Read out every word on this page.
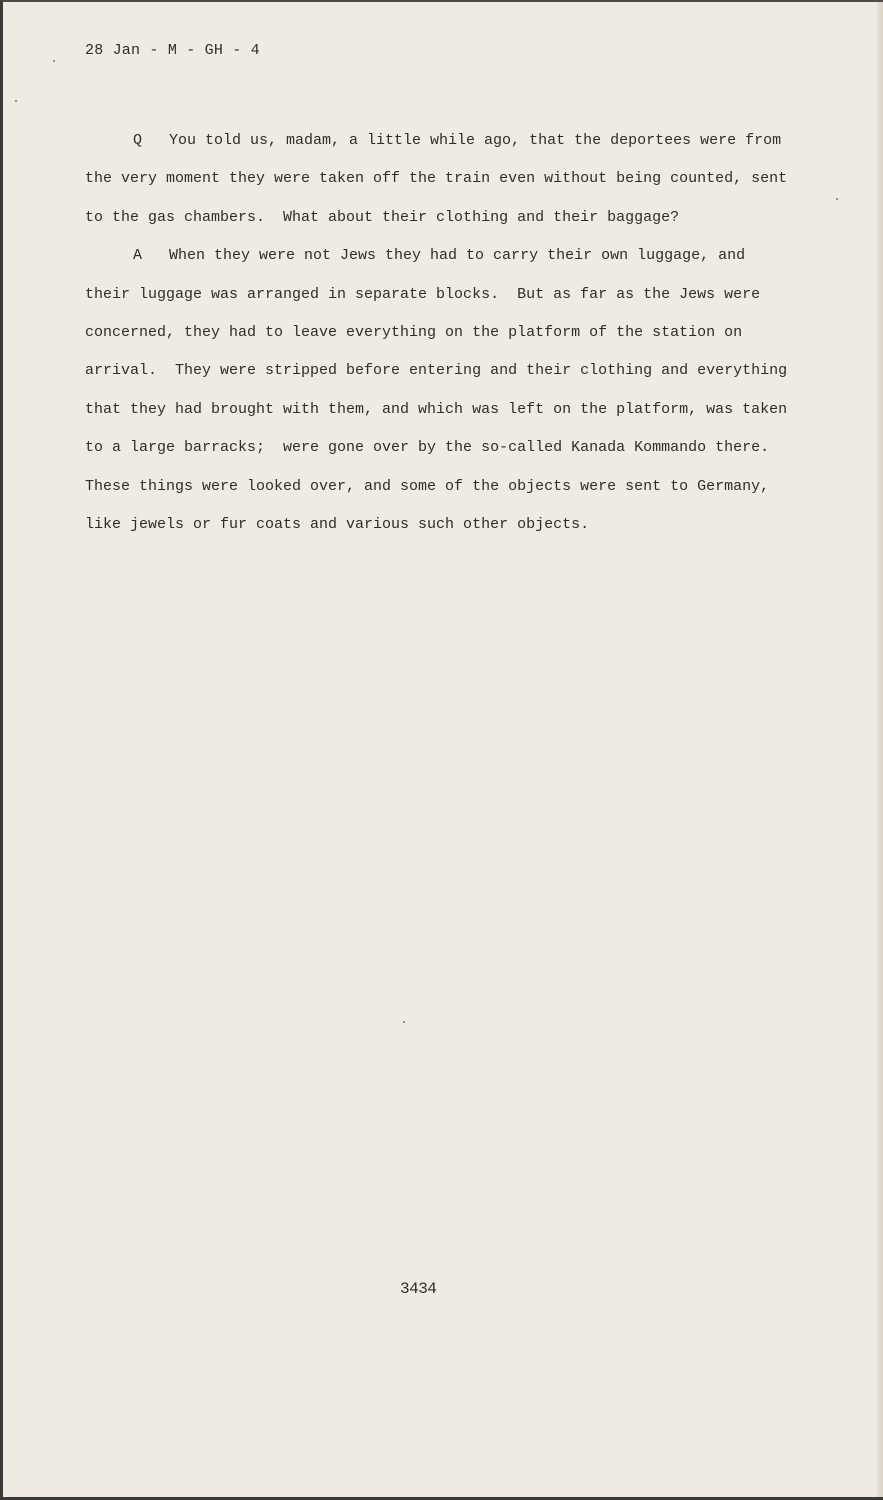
28 Jan - M - GH - 4
Q   You told us, madam, a little while ago, that the deportees were from
the very moment they were taken off the train even without being counted, sent
to the gas chambers.  What about their clothing and their baggage?
A   When they were not Jews they had to carry their own luggage, and
their luggage was arranged in separate blocks.  But as far as the Jews were
concerned, they had to leave everything on the platform of the station on
arrival.  They were stripped before entering and their clothing and everything
that they had brought with them, and which was left on the platform, was taken
to a large barracks;  were gone over by the so-called Kanada Kommando there.
These things were looked over, and some of the objects were sent to Germany,
like jewels or fur coats and various such other objects.
3434
